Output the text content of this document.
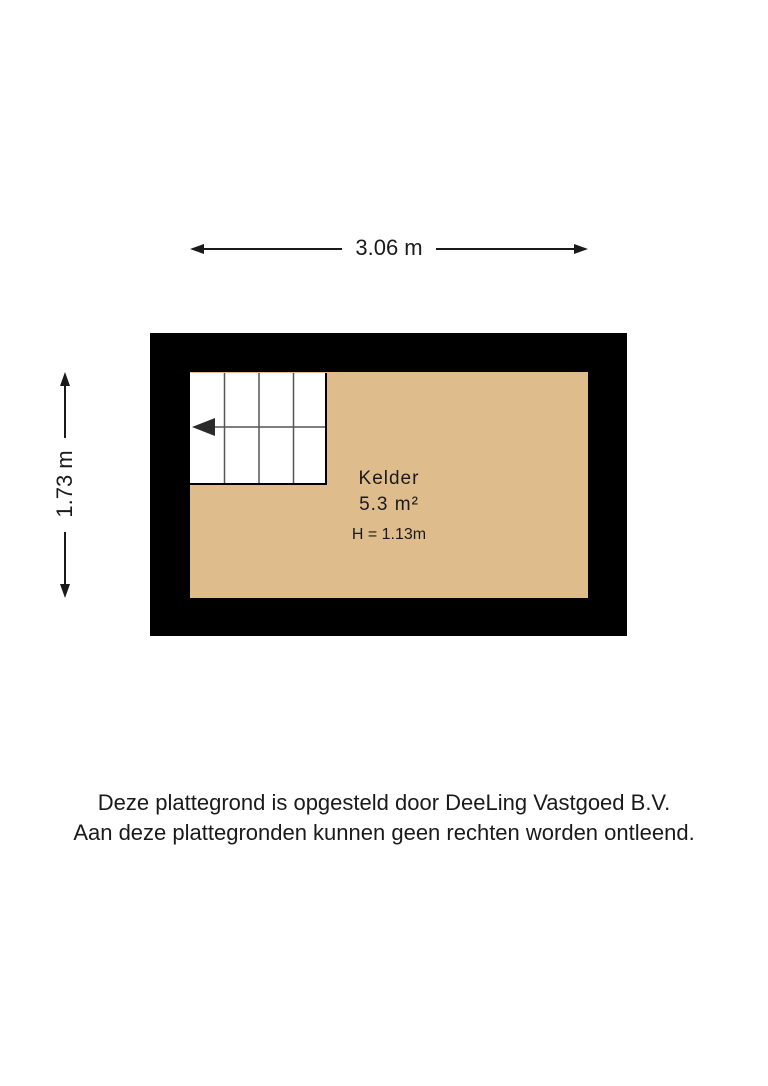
3.06 m
1.73 m	Kelder
5.3 m²
H = 1.13m
Deze plattegrond is opgesteld door DeeLing Vastgoed B.V.
Aan deze plattegronden kunnen geen rechten worden ontleend.
